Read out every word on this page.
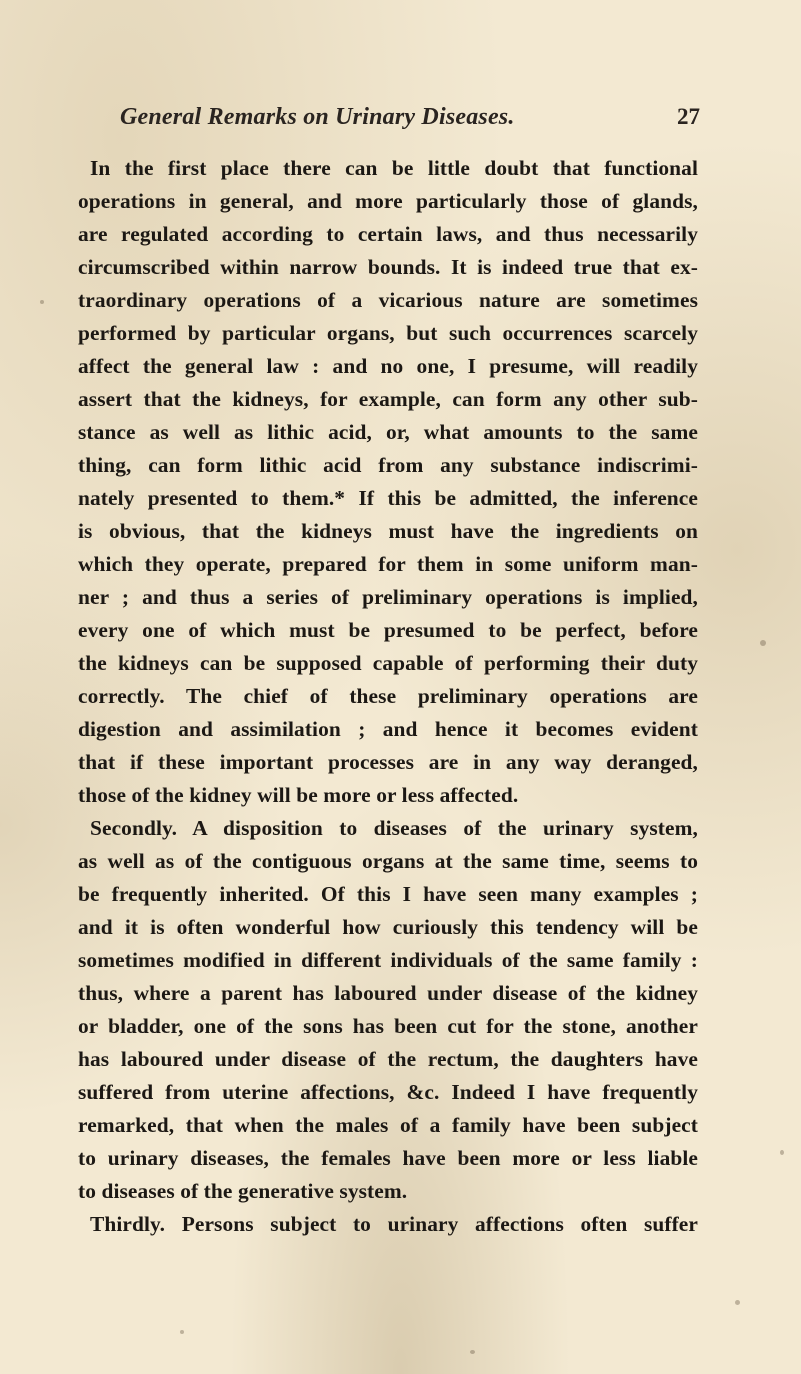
General Remarks on Urinary Diseases.	27
In the first place there can be little doubt that functional
operations in general, and more particularly those of glands,
are regulated according to certain laws, and thus necessarily
circumscribed within narrow bounds. It is indeed true that ex-
traordinary operations of a vicarious nature are sometimes
performed by particular organs, but such occurrences scarcely
affect the general law : and no one, I presume, will readily
assert that the kidneys, for example, can form any other sub-
stance as well as lithic acid, or, what amounts to the same
thing, can form lithic acid from any substance indiscrimi-
nately presented to them.* If this be admitted, the inference
is obvious, that the kidneys must have the ingredients on
which they operate, prepared for them in some uniform man-
ner ; and thus a series of preliminary operations is implied,
every one of which must be presumed to be perfect, before
the kidneys can be supposed capable of performing their duty
correctly. The chief of these preliminary operations are
digestion and assimilation ; and hence it becomes evident
that if these important processes are in any way deranged,
those of the kidney will be more or less affected.
Secondly. A disposition to diseases of the urinary system,
as well as of the contiguous organs at the same time, seems to
be frequently inherited. Of this I have seen many examples ;
and it is often wonderful how curiously this tendency will be
sometimes modified in different individuals of the same family :
thus, where a parent has laboured under disease of the kidney
or bladder, one of the sons has been cut for the stone, another
has laboured under disease of the rectum, the daughters have
suffered from uterine affections, &c. Indeed I have frequently
remarked, that when the males of a family have been subject
to urinary diseases, the females have been more or less liable
to diseases of the generative system.
Thirdly. Persons subject to urinary affections often suffer
